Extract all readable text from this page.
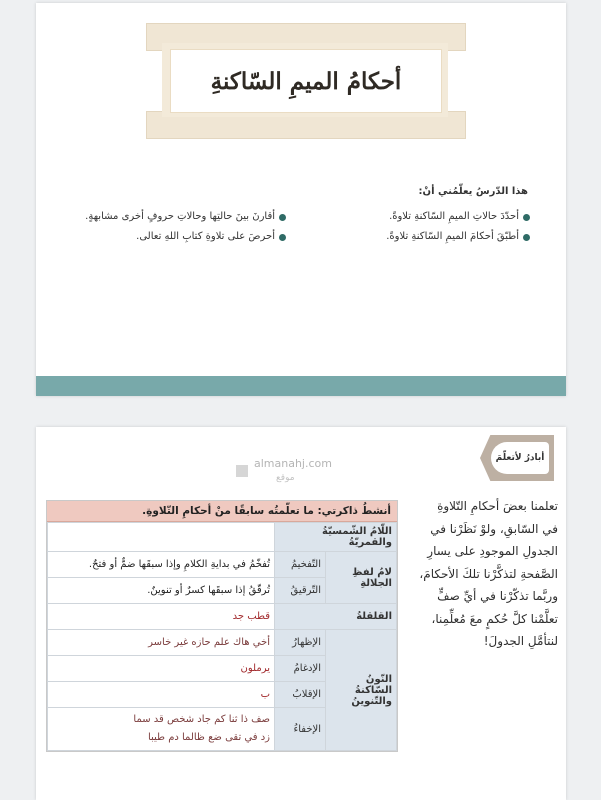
أحكامُ الميمِ السّاكنةِ
هذا الدّرسُ يعلّمُني أنْ:
أحدّدَ حالاتِ الميمِ السّاكنةِ تلاوةً.
أطبّقَ أحكامَ الميمِ السّاكنةِ تلاوةً.
أقارنَ بينَ حالتِها وحالاتِ حروفٍ أخرى مشابهةٍ.
أحرصَ على تلاوةِ كتابِ اللهِ تعالى.
أبادرُ لأتعلّمَ
almanahj.com
موقع
تعلمنا بعضَ أحكامِ التّلاوةِ في السّابقِ، ولوْ نَظَرْنا في الجدولِ الموجودِ على يسارِ الصَّفحةِ لتذكَّرْنا تلكَ الأحكامَ، وربَّما تذكّرْنا في أيِّ صفٍّ تعلَّمْنا كلَّ حُكمٍ معَ مُعلِّمِنا، لنتأمَّلِ الجدولَ!
أنشطُ ذاكرتي: ما تعلّمتُه سابقًا منْ أحكامِ التّلاوةِ.
اللّامُ الشّمسيّةُ والقمريّةُ		
لامُ لفظِ الجلالةِ	التّفخيمُ	تُفخّمُ في بدايةِ الكلامِ وإذا سبقَها ضمٌّ أو فتحٌ.
	التّرقيقُ	تُرقّقُ إذا سبقَها كسرٌ أو تنوينٌ.
القلقلةُ		قطب جد
النّونُ السّاكنةُ والتّنوينُ	الإظهارُ	أخي هاك علم حازه غير خاسر
	الإدغامُ	يرملون
	الإقلابُ	ب
	الإخفاءُ	صف ذا ثنا كم جاد شخص قد سما
زد في تقى ضع ظالما دم طيبا
